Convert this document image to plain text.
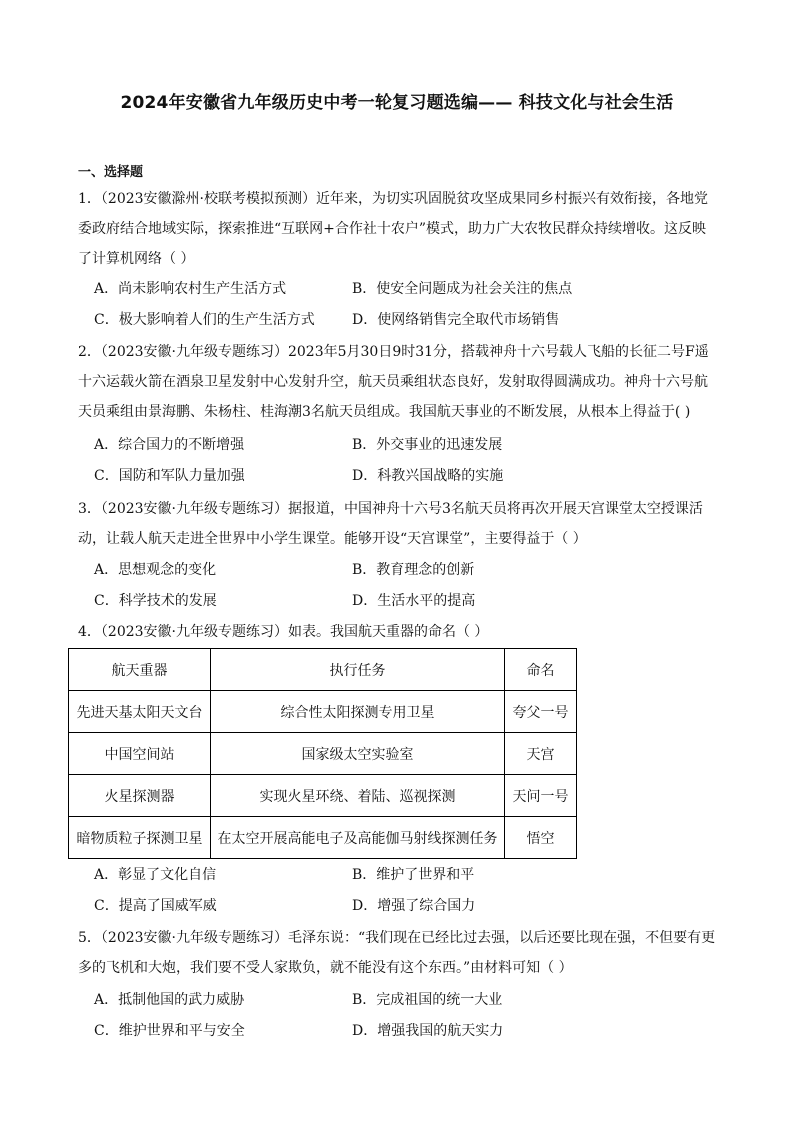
2024年安徽省九年级历史中考一轮复习题选编—— 科技文化与社会生活
一、选择题
1．（2023安徽滁州·校联考模拟预测）近年来，为切实巩固脱贫攻坚成果同乡村振兴有效衔接，各地党委政府结合地域实际，探索推进“互联网+合作社十农户”模式，助力广大农牧民群众持续增收。这反映了计算机网络（ ）
A．尚未影响农村生产生活方式	B．使安全问题成为社会关注的焦点
C．极大影响着人们的生产生活方式	D．使网络销售完全取代市场销售
2．（2023安徽·九年级专题练习）2023年5月30日9时31分，搭载神舟十六号载人飞船的长征二号F遥十六运载火箭在酒泉卫星发射中心发射升空，航天员乘组状态良好，发射取得圆满成功。神舟十六号航天员乘组由景海鹏、朱杨柱、桂海潮3名航天员组成。我国航天事业的不断发展，从根本上得益于( )
A．综合国力的不断增强	B．外交事业的迅速发展
C．国防和军队力量加强	D．科教兴国战略的实施
3．（2023安徽·九年级专题练习）据报道，中国神舟十六号3名航天员将再次开展天宫课堂太空授课活动，让载人航天走进全世界中小学生课堂。能够开设“天宫课堂”，主要得益于（ ）
A．思想观念的变化	B．教育理念的创新
C．科学技术的发展	D．生活水平的提高
4．（2023安徽·九年级专题练习）如表。我国航天重器的命名（ ）
航天重器	执行任务	命名
先进天基太阳天文台	综合性太阳探测专用卫星	夸父一号
中国空间站	国家级太空实验室	天宫
火星探测器	实现火星环绕、着陆、巡视探测	天问一号
暗物质粒子探测卫星	在太空开展高能电子及高能伽马射线探测任务	悟空
A．彰显了文化自信	B．维护了世界和平
C．提高了国威军威	D．增强了综合国力
5．（2023安徽·九年级专题练习）毛泽东说：“我们现在已经比过去强，以后还要比现在强，不但要有更多的飞机和大炮，我们要不受人家欺负，就不能没有这个东西。”由材料可知（ ）
A．抵制他国的武力威胁	B．完成祖国的统一大业
C．维护世界和平与安全	D．增强我国的航天实力
